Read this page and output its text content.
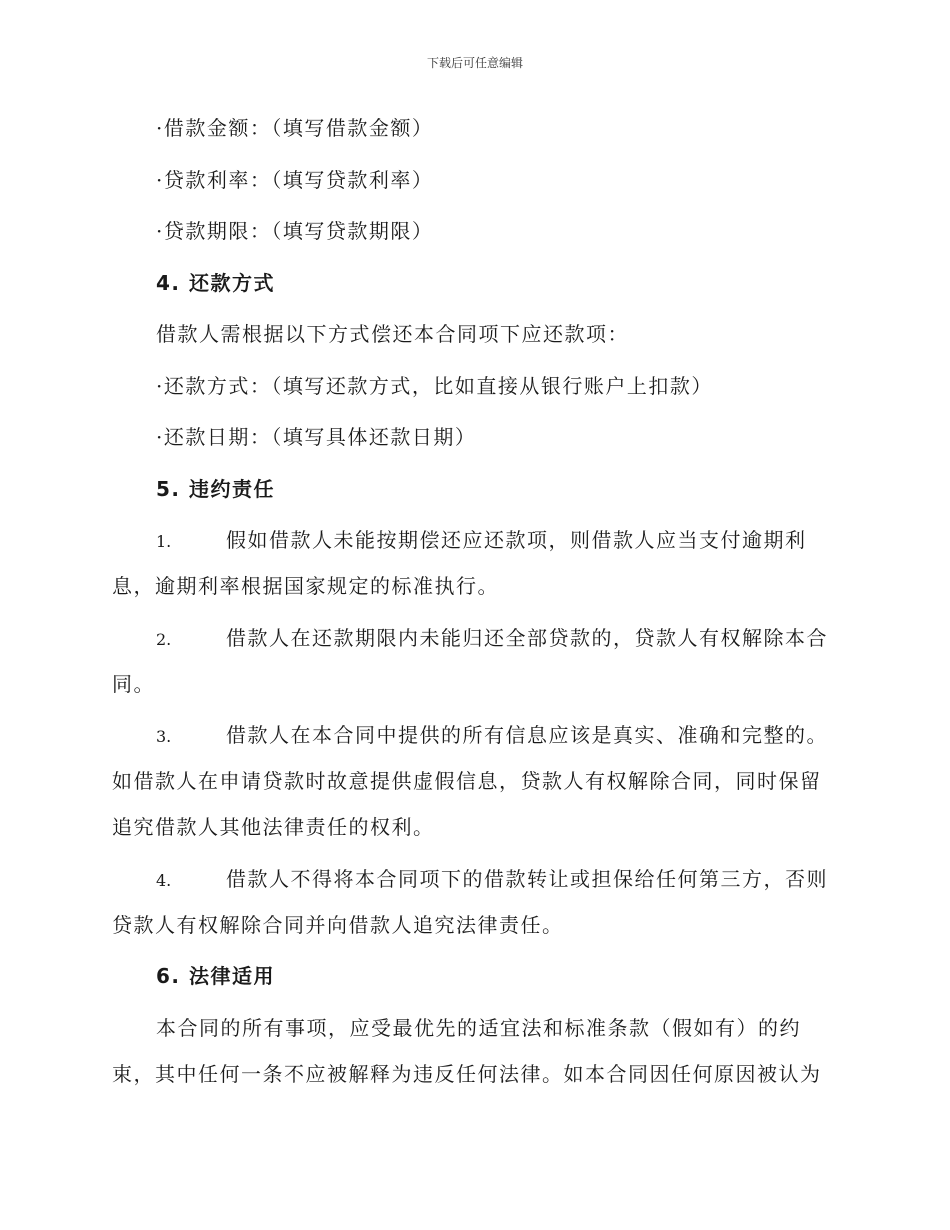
下载后可任意编辑
·借款金额：（填写借款金额）
·贷款利率：（填写贷款利率）
·贷款期限：（填写贷款期限）
4. 还款方式
借款人需根据以下方式偿还本合同项下应还款项：
·还款方式：（填写还款方式，比如直接从银行账户上扣款）
·还款日期：（填写具体还款日期）
5. 违约责任
1.	假如借款人未能按期偿还应还款项，则借款人应当支付逾期利
息，逾期利率根据国家规定的标准执行。
2.	借款人在还款期限内未能归还全部贷款的，贷款人有权解除本合
同。
3.	借款人在本合同中提供的所有信息应该是真实、准确和完整的。
如借款人在申请贷款时故意提供虚假信息，贷款人有权解除合同，同时保留
追究借款人其他法律责任的权利。
4.	借款人不得将本合同项下的借款转让或担保给任何第三方，否则
贷款人有权解除合同并向借款人追究法律责任。
6. 法律适用
本合同的所有事项，应受最优先的适宜法和标准条款（假如有）的约
束，其中任何一条不应被解释为违反任何法律。如本合同因任何原因被认为
